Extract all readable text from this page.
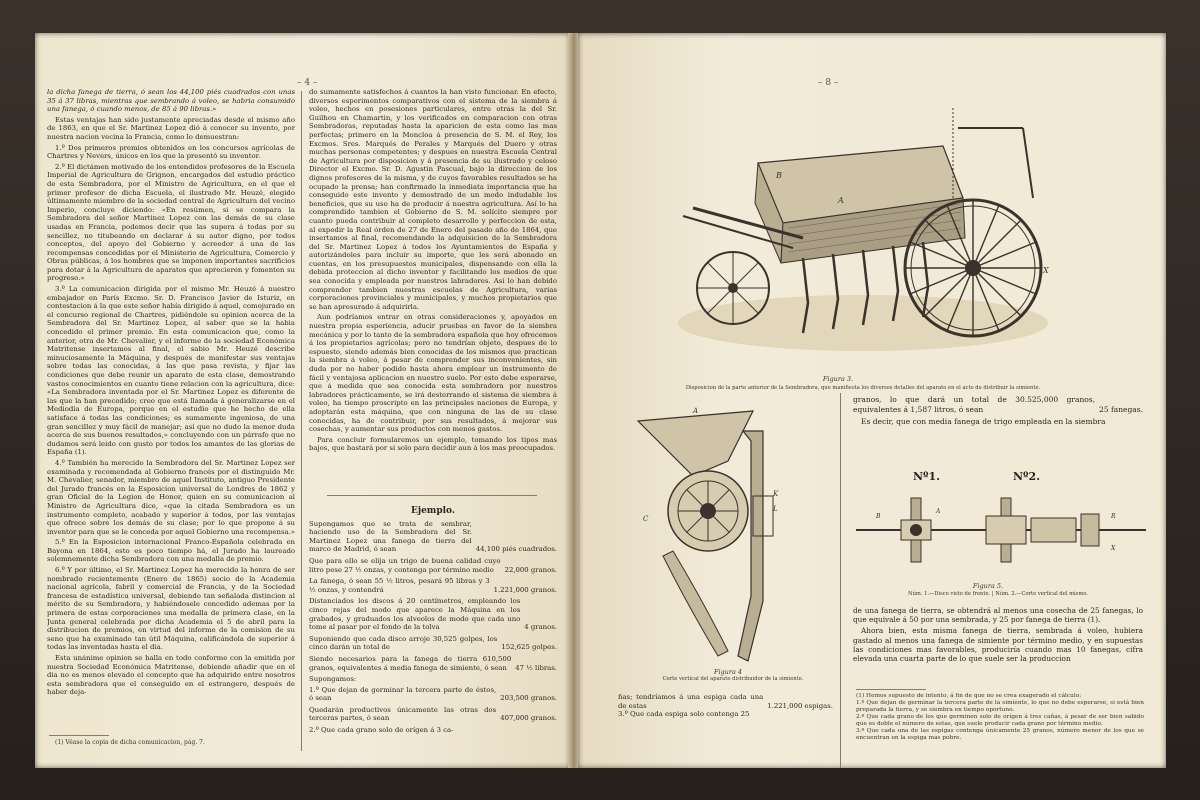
– 4 –

la dicha fanega de tierra, ó sean los 44,100 piés cuadrados con unas 35 á 37 libras, mientras que sembrando á voleo, se habria consumido una fanega, ó cuando menos, de 85 á 90 libras.»

Estas ventajas han sido justamente apreciadas desde el mismo año de 1863, en que el Sr. Martinez Lopez dió á conocer su invento, por nuestra nacion vecina la Francia, como lo demuestran:

1.º Dos primeros premios obtenidos en los concursos agrícolas de Chartres y Nevers, únicos en los que la presentó su inventor.

2.º El dictámen motivado de los entendidos profesores de la Escuela Imperial de Agricultura de Grignon, encargados del estudio práctico de esta Sembradora, por el Ministro de Agricultura, en el que el primer profesor de dicha Escuela, el ilustrado Mr. Heuzé, elegido últimamente miembro de la sociedad central de Agricultura del vecino Imperio, concluye diciendo: «En resúmen, si se compara la Sembradora del señor Martinez Lopez con las demás de su clase usadas en Francia, podemos decir que las supera á todas por su sencillez, no titubeando en declarar á su autor digno, por todos conceptos, del apoyo del Gobierno y acreedor á una de las recompensas concedidas por el Ministerio de Agricultura, Comercio y Obras públicas, á los hombres que se imponen importantes sacrificios para dotar á la Agricultura de aparatos que aprecieren y fomenten su progreso.»

3.º La comunicacion dirigida por el mismo Mr. Heuzé á nuestro embajador en París Excmo. Sr. D. Francisco Javier de Isturiz, en contestacion á la que este señor había dirigido á aquel, comojurado en el concurso regional de Chartres, pidiéndole su opinion acerca de la Sembradora del Sr. Martinez Lopez, al saber que se la habia concedido el primer premio. En esta comunicacion que, como la anterior, otra de Mr. Chevalier, y el informe de la sociedad Económica Matritense insertamos al final, el sabio Mr. Heuzé describe minuciosamente la Máquina, y después de manifestar sus ventajas sobre todas las conocidas, á las que pasa revista, y fijar las condiciones que debe reunir un aparato de esta clase, demostrando vastos conocimientos en cuanto tiene relacion con la agricultura, dice: «La Sembradora inventada por el Sr. Martinez Lopez es diferente de las que la han precedido; creo que está llamada á generalizarse en el Mediodia de Europa, porque en el estudio que he hecho de ella satisface á todas las condiciones; es sumamente ingeniosa, de una gran sencillez y muy fácil de manejar; así que no dudo la menor duda acerca de sus buenos resultados,» concluyendo con un párrafo que no dudamos será leido con gusto por todos los amantes de las glorias de España (1).

4.º También ha merecido la Sembradora del Sr. Martinez Lopez ser examinada y recomendada al Gobierno francés por el distinguido Mr. M. Chevalier, senador, miembro de aquel Instituto, antiguo Presidente del Jurado francés en la Esposicion universal de Londres de 1862 y gran Oficial de la Legion de Honor, quien en su comunicacion al Ministro de Agricultura dice, «que la citada Sembradora es un instrumento completo, acabado y superior á todos, por las ventajas que ofrece sobre los demás de su clase; por lo que propone á su inventor para que se le conceda por aquel Gobierno una recompensa.»

5.º En la Esposicion internacional Franco-Española celebrada en Bayona en 1864, esto es poco tiempo há, el Jurado ha laureado solemnemente dicha Sembradora con una medalla de premio.

6.º Y por último, el Sr. Martinez Lopez ha merecido la honra de ser nombrado recientemente (Enero de 1865) socio de la Academia nacional agrícola, fabril y comercial de Francia, y de la Sociedad francesa de estadística universal, debiendo tan señalada distincion al mérito de su Sembradora, y habiéndosele concedido ademas por la primera de estas corporaciones una medalla de primera clase, en la Junta general celebrada por dicha Academia el 5 de abril para la distribucion de premios, en virtud del informe de la comision de su seno que ha examinado tan útil Máquina, calificándola de superior á todas las inventadas hasta el dia.

Esta unánime opinion se halla en todo conforme con la emitida por nuestra Sociedad Económica Matritense, debiendo añadir que en el dia no es menos elevado el concepto que ha adquirido entre nosotros esta sembradora que el conseguido en el estrangero, después de haber deja-

do sumamente satisfechos á cuantos la han visto funcionar. En efecto, diversos esperimentos comparativos con el sistema de la siembra á voleo, hechos en posesiones particulares, entre otras la del Sr. Guilhou en Chamartin, y los verificados en comparacion con otras Sembradoras, reputadas hasta la aparicion de esta como las mas perfectas; primero en la Moncloa á presencia de S. M. el Rey, los Excmos. Sres. Marqués de Perales y Marqués del Duero y otras muchas personas competentes; y despues en nuestra Escuela Central de Agricultura por disposicion y á presencia de su ilustrado y celoso Director el Excmo. Sr. D. Agustin Pascual, bajo la direccion de los dignos profesores de la misma, y de cuyos favorables resultados se ha ocupado la prensa; han confirmado la inmediata importancia que ha conseguido este invento y demostrado de un modo indudable los beneficios, que su uso ha de producir á nuestra agricultura. Así lo ha comprendido tambien el Gobierno de S. M. solícito siempre por cuanto pueda contribuir al completo desarrollo y perfeccion de esta, al expedir la Real órden de 27 de Enero del pasado año de 1864, que insertamos al final, recomendando la adquisicion de la Sembradora del Sr. Martinez Lopez á todos los Ayuntamientos de España y autorizándoles para incluir su importe, que les será abonado en cuentas, en los presupuestos municipales, dispensando con ella la debida proteccion al dicho inventor y facilitando los medios de que sea conocida y empleada por nuestros labradores. Así lo han debido comprender tambien nuestras escuelas de Agricultura, varias corporaciones provinciales y municipales, y muchos propietarios que se han apresurado á adquirirla.

Aun podríamos entrar en otras consideraciones y, apoyados en nuestra propia esperiencia, aducir pruebas en favor de la siembra mecánica y por lo tanto de la sembradora española que hoy ofrecemos á los propietarios agrícolas; pero no tendrían objeto, despues de lo espuesto, siendo además bien conocidas de los mismos que practican la siembra á voleo, á pesar de comprender sus inconvenientes, sin duda por no haber podido hasta ahora emplear un instrumento de fácil y ventajosa aplicacion en nuestro suelo. Por esto debe esperarse, que á medida que sea conocida esta sembradora por nuestros labradores prácticamente, se irá desterrando el sistema de siembra á voleo, ha tiempo proscripto en las principales naciones de Europa, y adoptarán esta máquina, que con ninguna de las de su clase conocidas, ha de contribuir, por sus resultados, á mejorar sus cosechas, y aumentar sus productos con menos gastos.

Para concluir formularemos un ejemplo, tomando los tipos mas bajos, que bastará por si solo para decidir aun á los mas preocupados.

Ejemplo.
Supongamos que se trata de sembrar, haciendo uso de la Sembradora del Sr. Martinez Lopez una fanega de tierra del marco de Madrid, ó sean	44,100 piés cuadrados.
Que para ello se elija un trigo de buena calidad cuyo litro pese 27 ½ onzas, y contenga por término medio	22,000 granos.
La fanega, ó sean 55 ½ litros, pesará 95 libras y 3 ½ onzas, y contendrá	1.221,000 granos.
Distanciados los discos á 20 centímetros, empleando los cinco rejas del modo que aparece la Máquina en los grabados, y graduados los alveolos de modo que cada uno tome al pasar por el fondo de la tolva	4 granos.
Suponiendo que cada disco arroje 30,525 golpes, los cinco darán un total de	152,625 golpes.
Siendo necesarios para la fanega de tierra 610,500 granos, equivalentes á media fanega de simiente, ó sean	47 ½ libras.
Supongamos:
1.º Que dejan de germinar la tercera parte de éstos, ó sean	203,500 granos.
Quedarán productivos únicamente las otras dos terceras partes, ó sean	407,000 granos.
2.º Que cada grano solo de orígen á 3 ca-
(1) Véase la copia de dicha comunicacion, pág. 7.
– 8 –
A
B
X
Figura 3.
Disposicion de la parte anterior de la Sembradora, que manifiesta los diversos detalles del aparato en el acto de distribuir la simiente.
A
K
L
C
Figura 4
Corte vertical del aparato distribuidor de la simiente.
ñas; tendríamos á una espiga cada una de estas	1.221,000 espigas.
3.º Que cada espiga solo contenga 25
granos, lo que dará un total de 30.525,000 granos, equivalentes á 1,587 litros, ó sean	25 fanegas.

Es decir, que con media fanega de trigo empleada en la siembra

Nº1.	Nº2.
B
A
R
X
Figura 5.
Núm. 1.—Disco visto de frente. | Núm. 2.—Corte vertical del mismo.

de una fanega de tierra, se obtendrá al menos una cosecha de 25 fanegas, lo que equivale á 50 por una sembrada, y 25 por fanega de tierra (1).

Ahora bien, esta misma fanega de tierra, sembrada á voleo, hubiera gastado al menos una fanega de simiente por término medio, y en supuestas las condiciones mas favorables, produciría cuando mas 10 fanegas, cifra elevada una cuarta parte de lo que suele ser la produccion

(1) Hemos supuesto de intento, á fin de que no se crea exagerado el cálculo:
1.º Que dejan de germinar la tercera parte de la simiente, lo que no debe esperarse, si está bien preparada la tierra, y se siembra en tiempo oportuno.
2.º Que cada grano de los que germinen solo de orígen á tres cañas, á pesar de ser bien sabido que es doble el número de estas, que suele producir cada grano por término medio.
3.º Que cada una de las espigas contenga únicamente 25 granos, número menor de los que se encuentran en la espiga mas pobre.
